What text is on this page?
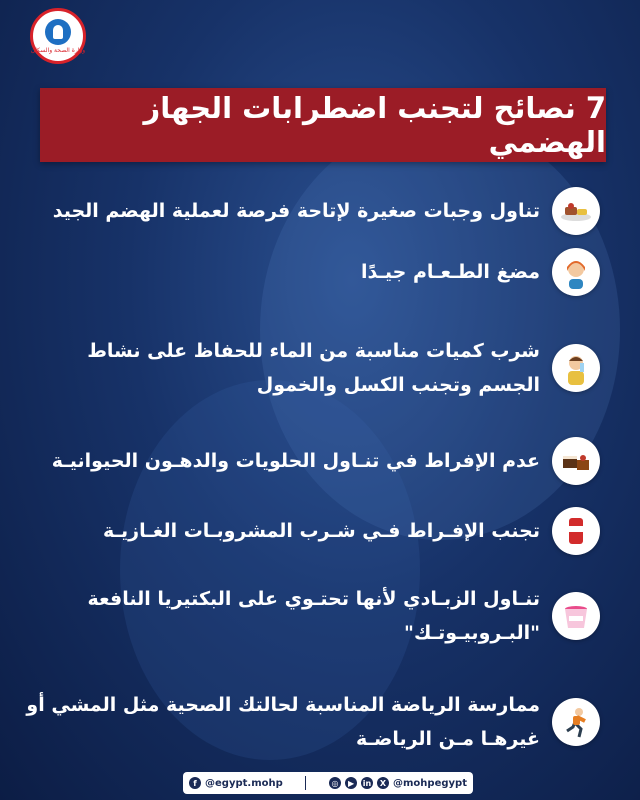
وزارة الصحة والسكان
7 نصائح لتجنب اضطرابات الجهاز الهضمي
تناول وجبات صغيرة لإتاحة فرصة لعملية الهضم الجيد
مضغ الطـعـام جيـدًا
شرب كميات مناسبة من الماء للحفاظ على نشاط الجسم وتجنب الكسل والخمول
عدم الإفراط في تنـاول الحلويات والدهـون الحيوانيـة
تجنب الإفـراط فـي شـرب المشروبـات الغـازيـة
تنـاول الزبـادي لأنها تحتـوي على البكتيريا النافعة "البـروبيـوتـك"
ممارسة الرياضة المناسبة لحالتك الصحية مثل المشي أو غيرهـا مـن الرياضـة
f @egypt.mohp	◎	▶	in	X @mohpegypt
